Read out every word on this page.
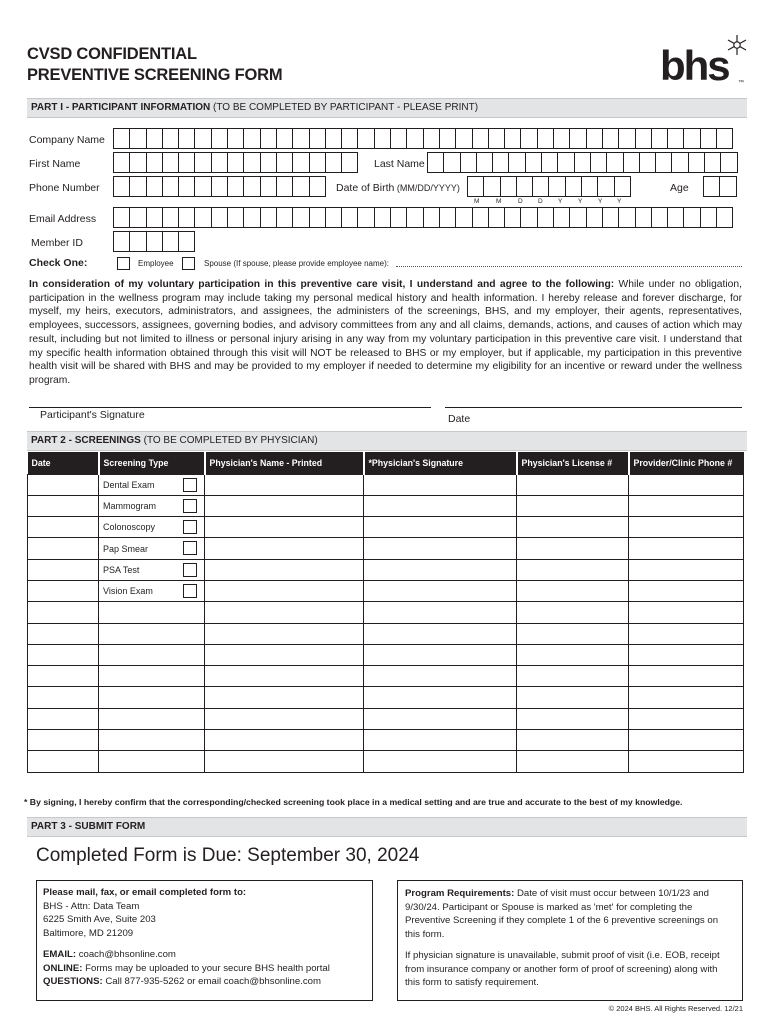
CVSD CONFIDENTIAL
PREVENTIVE SCREENING FORM	bhs ™
PART I - PARTICIPANT INFORMATION (TO BE COMPLETED BY PARTICIPANT - PLEASE PRINT)
Company Name
First Name	Last Name
Phone Number	Date of Birth (MM/DD/YYYY)
M	M	D D Y Y Y Y
Age
Email Address
Member ID
Check One:	Employee	Spouse (If spouse, please provide employee name):

In consideration of my voluntary participation in this preventive care visit, I understand and agree to the following: While under no obligation, participation in the wellness program may include taking my personal medical history and health information. I hereby release and forever discharge, for myself, my heirs, executors, administrators, and assignees, the administers of the screenings, BHS, and my employer, their agents, representatives, employees, successors, assignees, governing bodies, and advisory committees from any and all claims, demands, actions, and causes of action which may result, including but not limited to illness or personal injury arising in any way from my voluntary participation in this preventive care visit. I understand that my specific health information obtained through this visit will NOT be released to BHS or my employer, but if applicable, my participation in this preventive health visit will be shared with BHS and may be provided to my employer if needed to determine my eligibility for an incentive or reward under the wellness program.

Participant's Signature	Date
PART 2 - SCREENINGS (TO BE COMPLETED BY PHYSICIAN)
Date	Screening Type	Physician's Name - Printed	*Physician's Signature	Physician's License #	Provider/Clinic Phone #
	Dental Exam

	Mammogram

	Colonoscopy

	Pap Smear

	PSA Test

	Vision Exam

* By signing, I hereby confirm that the corresponding/checked screening took place in a medical setting and are true and accurate to the best of my knowledge.
PART 3 - SUBMIT FORM
Completed Form is Due: September 30, 2024
Please mail, fax, or email completed form to:
BHS - Attn: Data Team
6225 Smith Ave, Suite 203
Baltimore, MD 21209
EMAIL: coach@bhsonline.com
ONLINE: Forms may be uploaded to your secure BHS health portal
QUESTIONS: Call 877-935-5262 or email coach@bhsonline.com
Program Requirements: Date of visit must occur between 10/1/23 and 9/30/24. Participant or Spouse is marked as 'met' for completing the Preventive Screening if they complete 1 of the 6 preventive screenings on this form.
If physician signature is unavailable, submit proof of visit (i.e. EOB, receipt from insurance company or another form of proof of screening) along with this form to satisfy requirement.
© 2024 BHS. All Rights Reserved. 12/21
